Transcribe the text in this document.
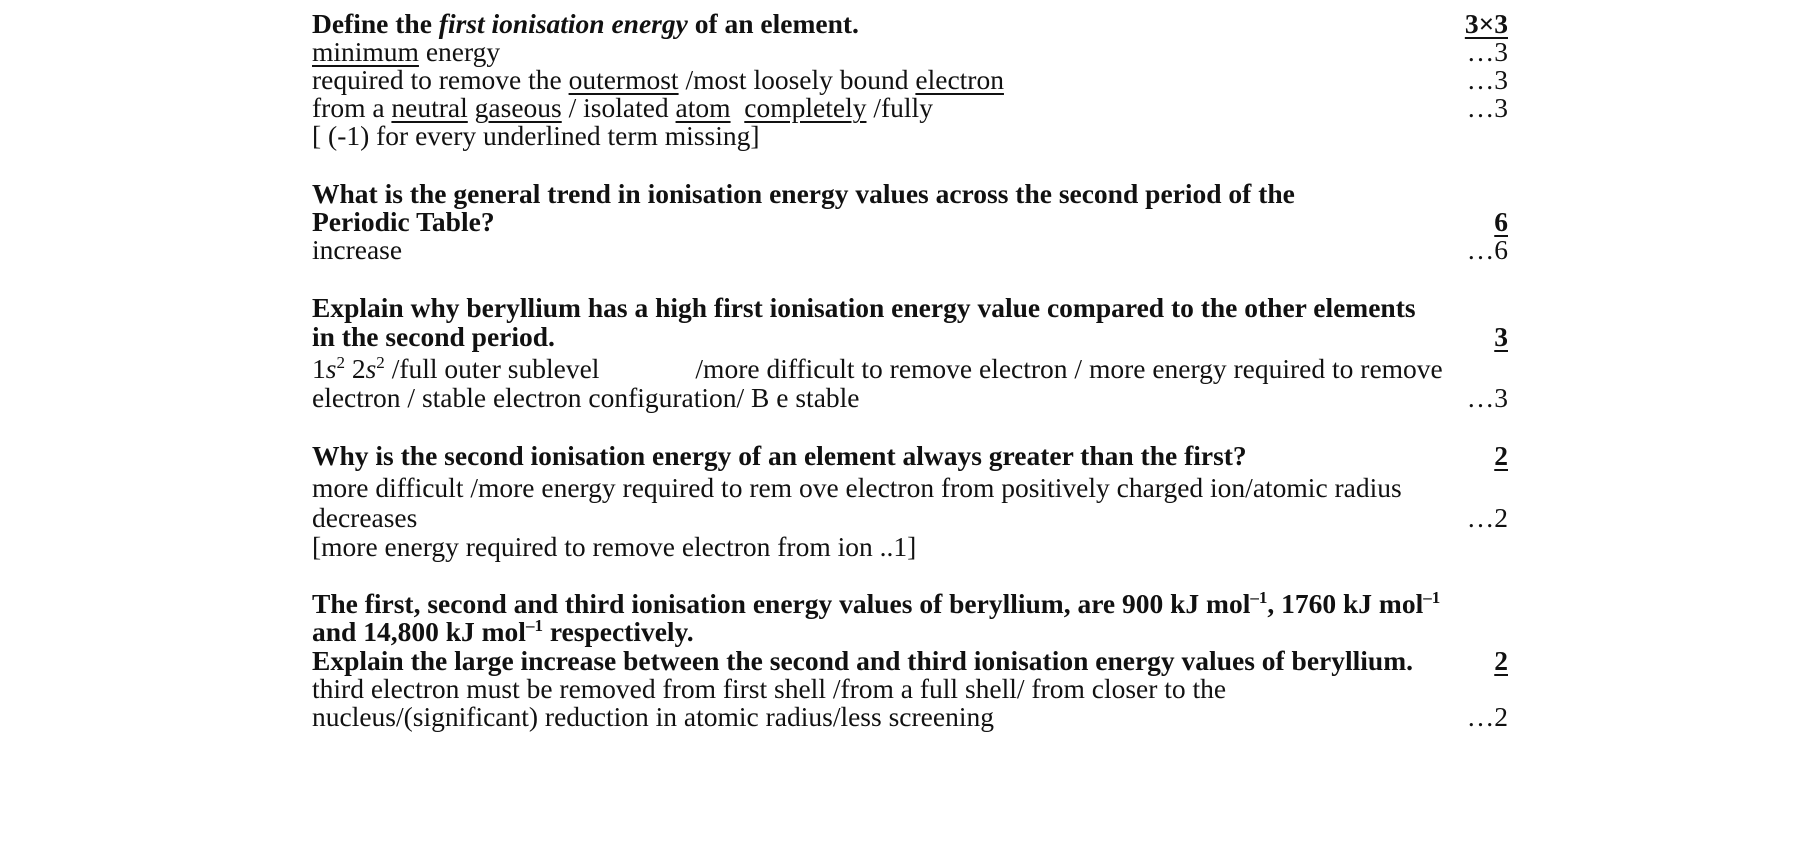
Define the first ionisation energy of an element.	3×3
minimum energy	…3
required to remove the outermost /most loosely bound electron	…3
from a neutral gaseous / isolated atom completely /fully	…3
[ (-1) for every underlined term missing]
What is the general trend in ionisation energy values across the second period of the
Periodic Table?	6
increase	…6
Explain why beryllium has a high first ionisation energy value compared to the other elements
in the second period.	3
$1s^2$ $2s^2$ /full outer sublevel	/more difficult to remove electron / more energy required to remove
electron / stable electron configuration/ B e stable	…3
Why is the second ionisation energy of an element always greater than the first?	2
more difficult /more energy required to rem ove electron from positively charged ion/atomic radius
decreases	…2
[more energy required to remove electron from ion ..1]
The first, second and third ionisation energy values of beryllium, are 900 kJ mol$^{-1}$, 1760 kJ mol$^{-1}$
and 14,800 kJ mol$^{-1}$ respectively.
Explain the large increase between the second and third ionisation energy values of beryllium.	2
third electron must be removed from first shell /from a full shell/ from closer to the
nucleus/(significant) reduction in atomic radius/less screening	…2
